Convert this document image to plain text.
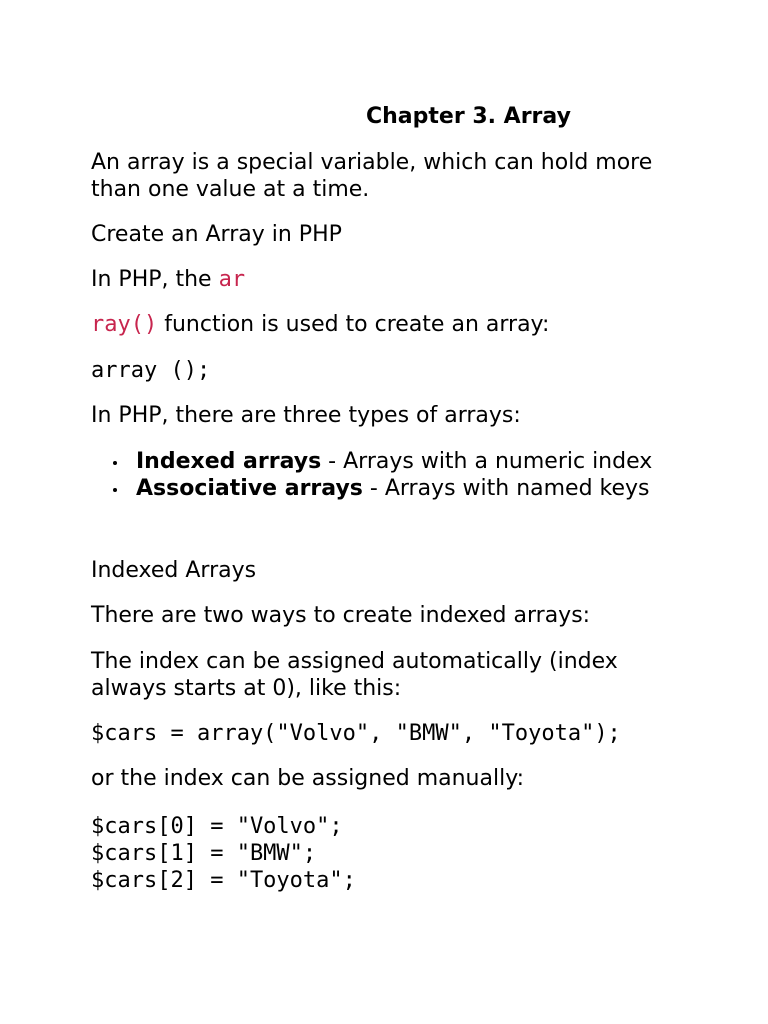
Chapter 3. Array
An array is a special variable, which can hold more
than one value at a time.
Create an Array in PHP
In PHP, the ar
ray() function is used to create an array:
array ();
In PHP, there are three types of arrays:
Indexed arrays - Arrays with a numeric index
Associative arrays - Arrays with named keys
Indexed Arrays
There are two ways to create indexed arrays:
The index can be assigned automatically (index
always starts at 0), like this:
$cars = array("Volvo", "BMW", "Toyota");
or the index can be assigned manually:
$cars[0] = "Volvo";
$cars[1] = "BMW";
$cars[2] = "Toyota";
